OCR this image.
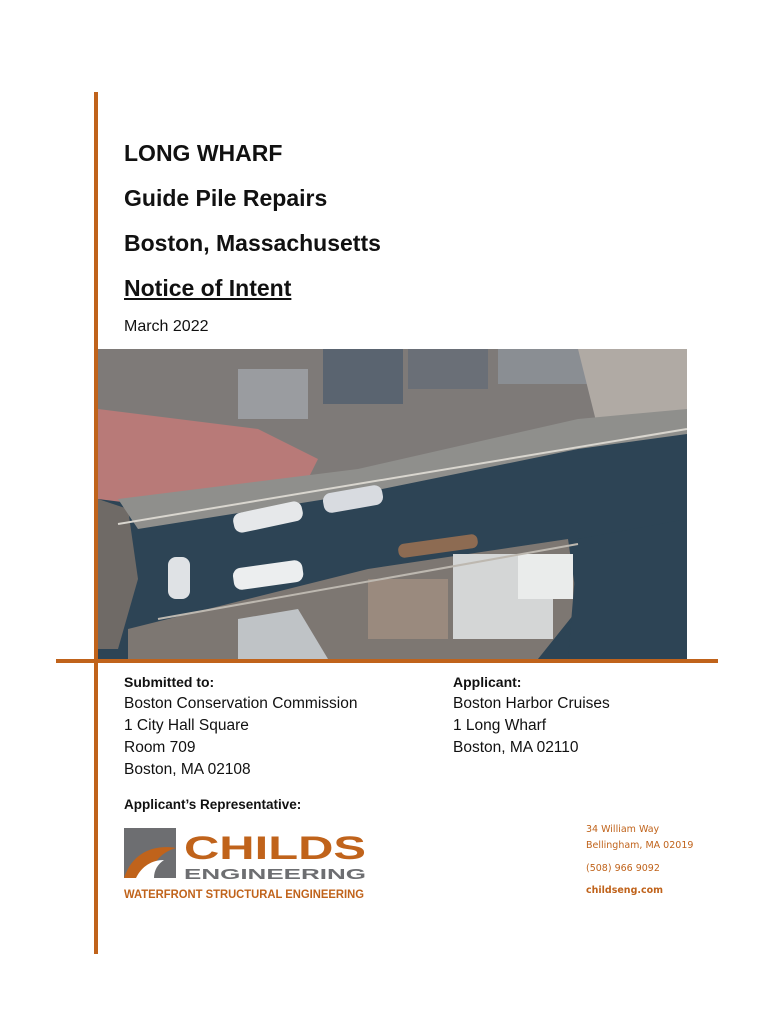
LONG WHARF
Guide Pile Repairs
Boston, Massachusetts
Notice of Intent
March 2022
Submitted to:
Boston Conservation Commission
1 City Hall Square
Room 709
Boston, MA 02108
Applicant:
Boston Harbor Cruises
1 Long Wharf
Boston, MA 02110
Applicant’s Representative:
CHILDS
ENGINEERING
WATERFRONT STRUCTURAL ENGINEERING
34 William Way
Bellingham, MA 02019
(508) 966 9092
childseng.com
